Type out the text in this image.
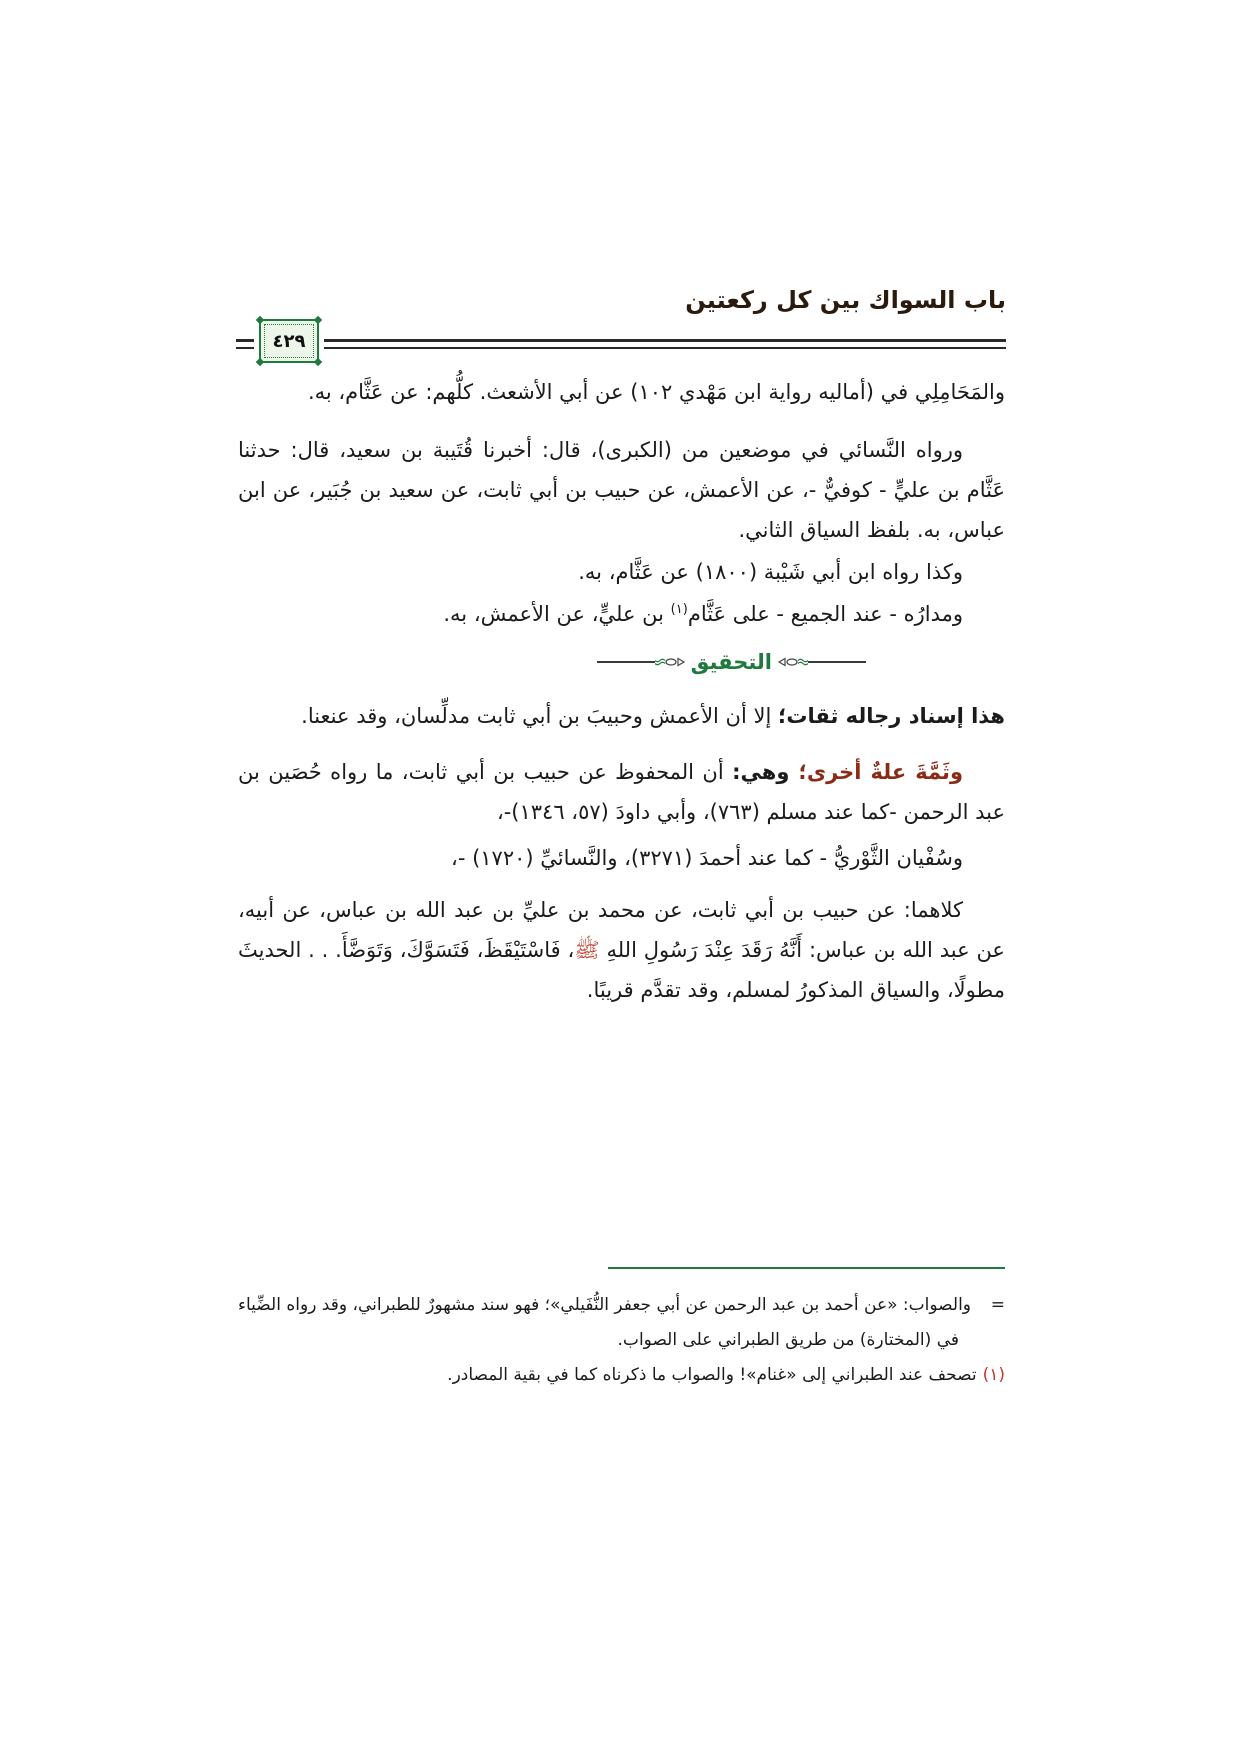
باب السواك بين كل ركعتين
٤٢٩

والمَحَامِلِي في (أماليه رواية ابن مَهْدي ١٠٢) عن أبي الأشعث. كلُّهم: عن عَثَّام، به.

ورواه النَّسائي في موضعين من (الكبرى)، قال: أخبرنا قُتَيبة بن سعيد، قال: حدثنا عَثَّام بن عليٍّ - كوفيٌّ -، عن الأعمش، عن حبيب بن أبي ثابت، عن سعيد بن جُبَير، عن ابن عباس، به. بلفظ السياق الثاني.

وكذا رواه ابن أبي شَيْبة (١٨٠٠) عن عَثَّام، به.

ومدارُه - عند الجميع - على عَثَّام$^{(١)}$ بن عليٍّ، عن الأعمش، به.

التحقيق

هذا إسناد رجاله ثقات؛ إلا أن الأعمش وحبيبَ بن أبي ثابت مدلِّسان، وقد عنعنا.

وثَمَّةَ علةٌ أخرى؛ وهي: أن المحفوظ عن حبيب بن أبي ثابت، ما رواه حُصَين بن عبد الرحمن -كما عند مسلم (٧٦٣)، وأبي داودَ (٥٧، ١٣٤٦)-،

وسُفْيان الثَّوْريُّ - كما عند أحمدَ (٣٢٧١)، والنَّسائيِّ (١٧٢٠) -،

كلاهما: عن حبيب بن أبي ثابت، عن محمد بن عليِّ بن عبد الله بن عباس، عن أبيه، عن عبد الله بن عباس: أَنَّهُ رَقَدَ عِنْدَ رَسُولِ اللهِ ﷺ، فَاسْتَيْقَظَ، فَتَسَوَّكَ، وَتَوَضَّأَ. . . الحديثَ مطولًا، والسياق المذكورُ لمسلم، وقد تقدَّم قريبًا.

=والصواب: «عن أحمد بن عبد الرحمن عن أبي جعفر النُّفَيلي»؛ فهو سند مشهورٌ للطبراني، وقد رواه الضِّياء في (المختارة) من طريق الطبراني على الصواب.

(١)تصحف عند الطبراني إلى «غنام»! والصواب ما ذكرناه كما في بقية المصادر.
